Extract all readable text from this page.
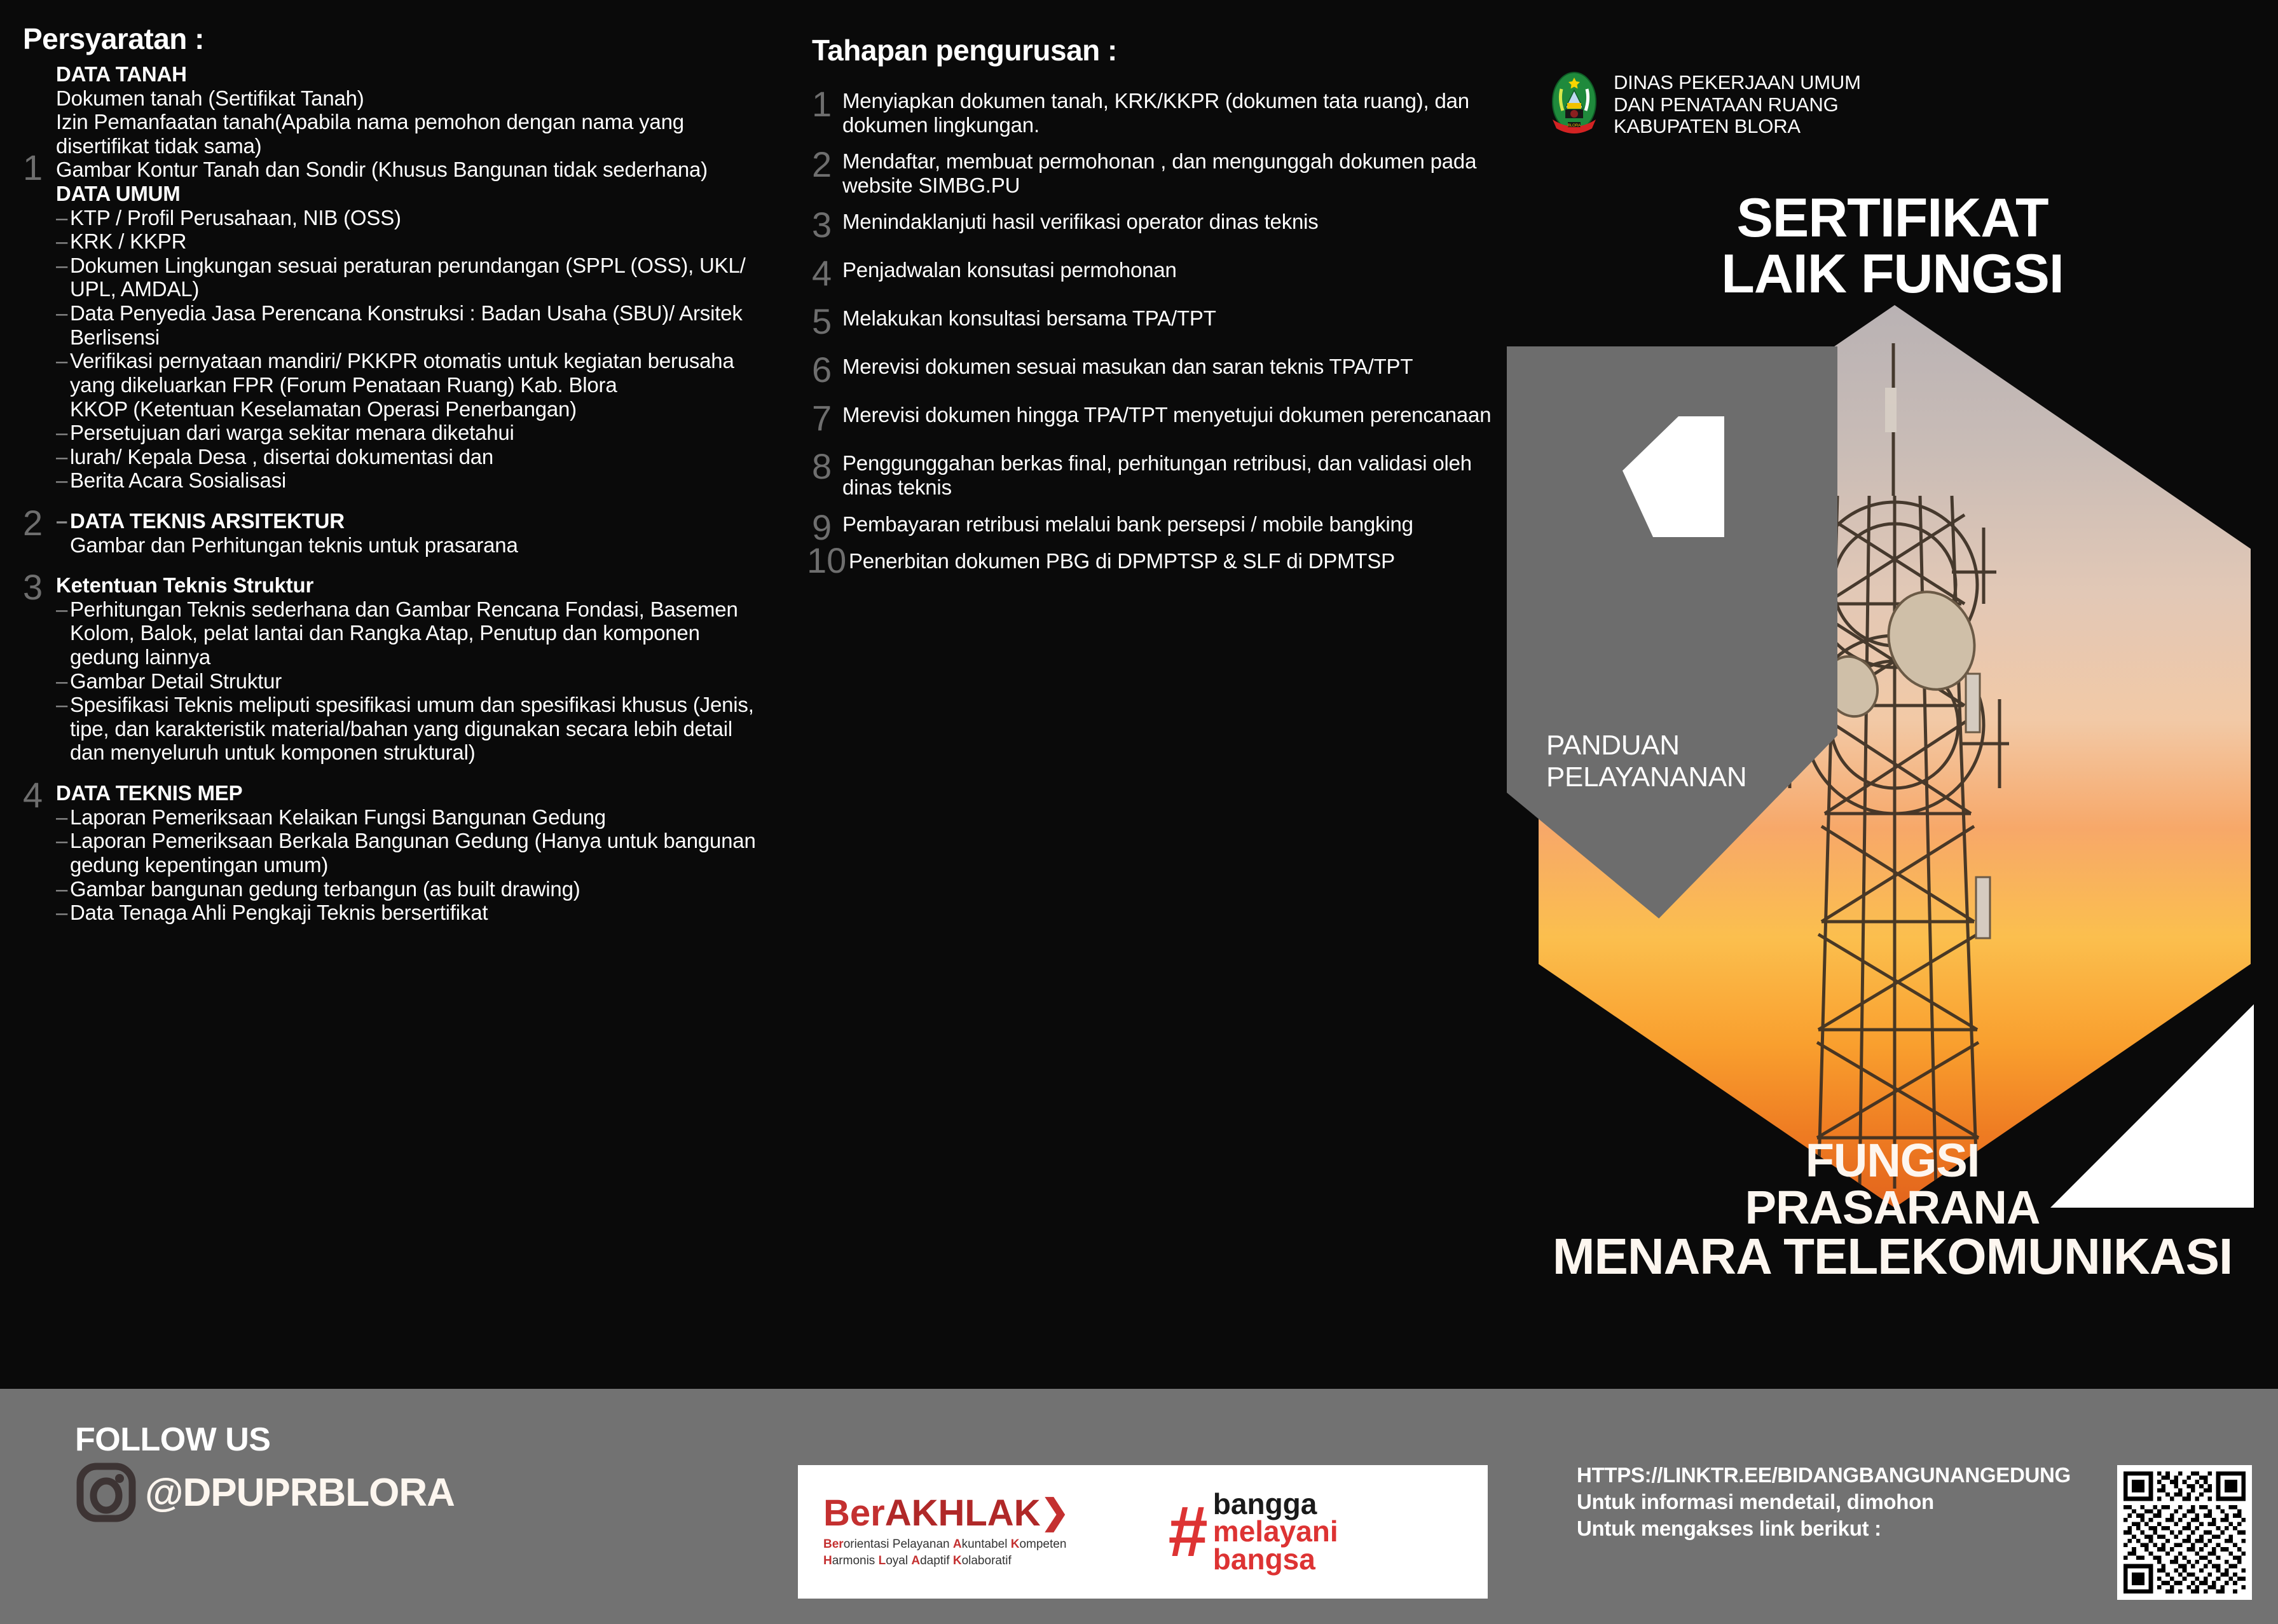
Persyaratan :
1
DATA TANAH
Dokumen tanah (Sertifikat Tanah)
Izin Pemanfaatan tanah(Apabila nama pemohon dengan nama yang disertifikat tidak sama)
Gambar Kontur Tanah dan Sondir (Khusus Bangunan tidak sederhana)
DATA UMUM
– KTP / Profil Perusahaan, NIB (OSS)
– KRK / KKPR
– Dokumen Lingkungan sesuai peraturan perundangan (SPPL (OSS), UKL/ UPL, AMDAL)
– Data Penyedia Jasa Perencana Konstruksi : Badan Usaha (SBU)/ Arsitek Berlisensi
– Verifikasi pernyataan mandiri/ PKKPR otomatis untuk kegiatan berusaha yang dikeluarkan FPR (Forum Penataan Ruang) Kab. Blora
KKOP (Ketentuan Keselamatan Operasi Penerbangan)
– Persetujuan dari warga sekitar menara diketahui
– lurah/ Kepala Desa , disertai dokumentasi dan
– Berita Acara Sosialisasi
2	– DATA TEKNIS ARSITEKTUR
Gambar dan Perhitungan teknis untuk prasarana
3 Ketentuan Teknis Struktur
– Perhitungan Teknis sederhana dan Gambar Rencana Fondasi, Basemen Kolom, Balok, pelat lantai dan Rangka Atap, Penutup dan komponen gedung lainnya
– Gambar Detail Struktur
– Spesifikasi Teknis meliputi spesifikasi umum dan spesifikasi khusus (Jenis, tipe, dan karakteristik material/bahan yang digunakan secara lebih detail dan menyeluruh untuk komponen struktural)
4 DATA TEKNIS MEP
– Laporan Pemeriksaan Kelaikan Fungsi Bangunan Gedung
– Laporan Pemeriksaan Berkala Bangunan Gedung (Hanya untuk bangunan gedung kepentingan umum)
– Gambar bangunan gedung terbangun (as built drawing)
– Data Tenaga Ahli Pengkaji Teknis bersertifikat
Tahapan pengurusan :
1 Menyiapkan dokumen tanah, KRK/KKPR (dokumen tata ruang), dan dokumen lingkungan.
2 Mendaftar, membuat permohonan , dan mengunggah dokumen pada website SIMBG.PU
3 Menindaklanjuti hasil verifikasi operator dinas teknis
4 Penjadwalan konsutasi permohonan
5 Melakukan konsultasi bersama TPA/TPT
6 Merevisi dokumen sesuai masukan dan saran teknis TPA/TPT
7 Merevisi dokumen hingga TPA/TPT menyetujui dokumen perencanaan
8 Penggunggahan berkas final, perhitungan retribusi, dan validasi oleh dinas teknis
9 Pembayaran retribusi melalui bank persepsi / mobile bangking
10 Penerbitan dokumen PBG di DPMPTSP & SLF di DPMTSP
BLORA
DINAS PEKERJAAN UMUM
DAN PENATAAN RUANG
KABUPATEN BLORA
SERTIFIKAT
LAIK FUNGSI
PANDUAN
PELAYANANAN
FUNGSI
PRASARANA
MENARA TELEKOMUNIKASI
FOLLOW US
@DPUPRBLORA	BerAKHLAK❯
Berorientasi Pelayanan Akuntabel Kompeten
Harmonis Loyal Adaptif Kolaboratif	# bangga
melayani
bangsa
HTTPS://LINKTR.EE/BIDANGBANGUNANGEDUNG
Untuk informasi mendetail, dimohon
Untuk mengakses link berikut :
